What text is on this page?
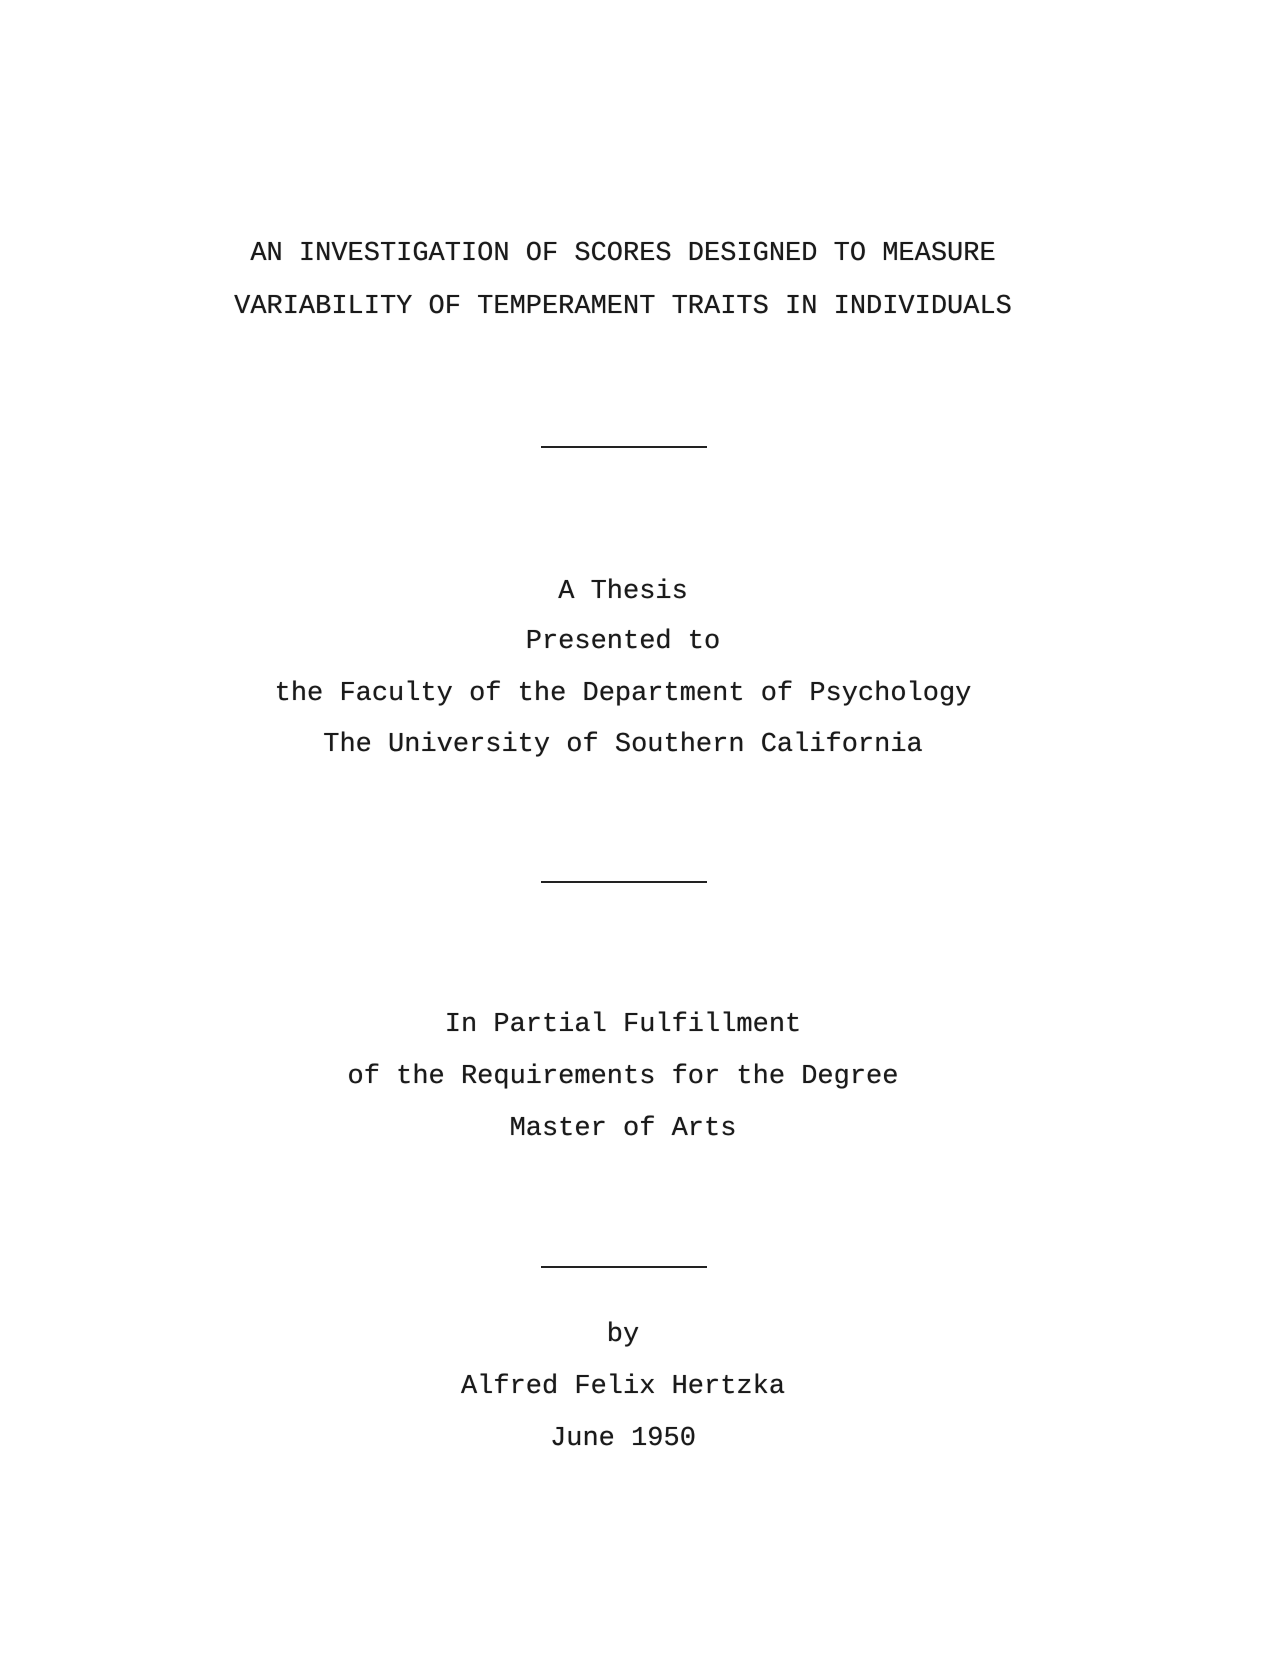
AN INVESTIGATION OF SCORES DESIGNED TO MEASURE
VARIABILITY OF TEMPERAMENT TRAITS IN INDIVIDUALS
A Thesis
Presented to
the Faculty of the Department of Psychology
The University of Southern California
In Partial Fulfillment
of the Requirements for the Degree
Master of Arts
by
Alfred Felix Hertzka
June 1950
